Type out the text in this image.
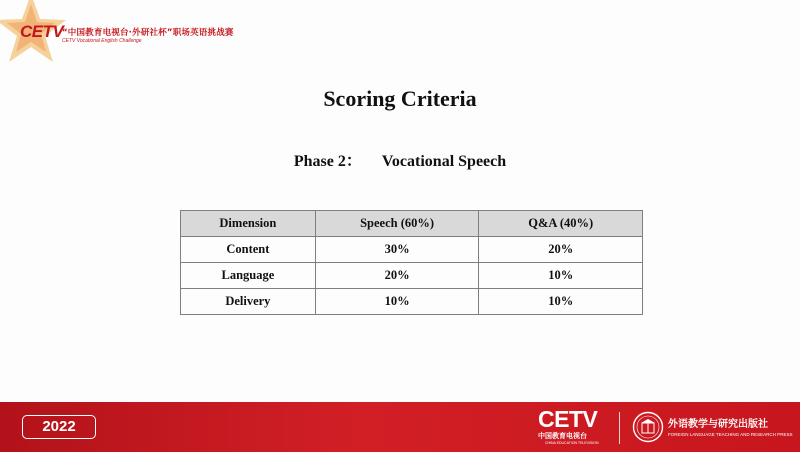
CETV
“中国教育电视台·外研社杯”职场英语挑战赛
CETV Vocational English Challenge
Scoring Criteria
Phase 2： Vocational Speech
Dimension	Speech (60%)	Q&A (40%)
Content	30%	20%
Language	20%	10%
Delivery	10%	10%
2022	CETV
中国教育电视台
CHINA EDUCATION TELEVISION
外语教学与研究出版社
FOREIGN LANGUAGE TEACHING AND RESEARCH PRESS
